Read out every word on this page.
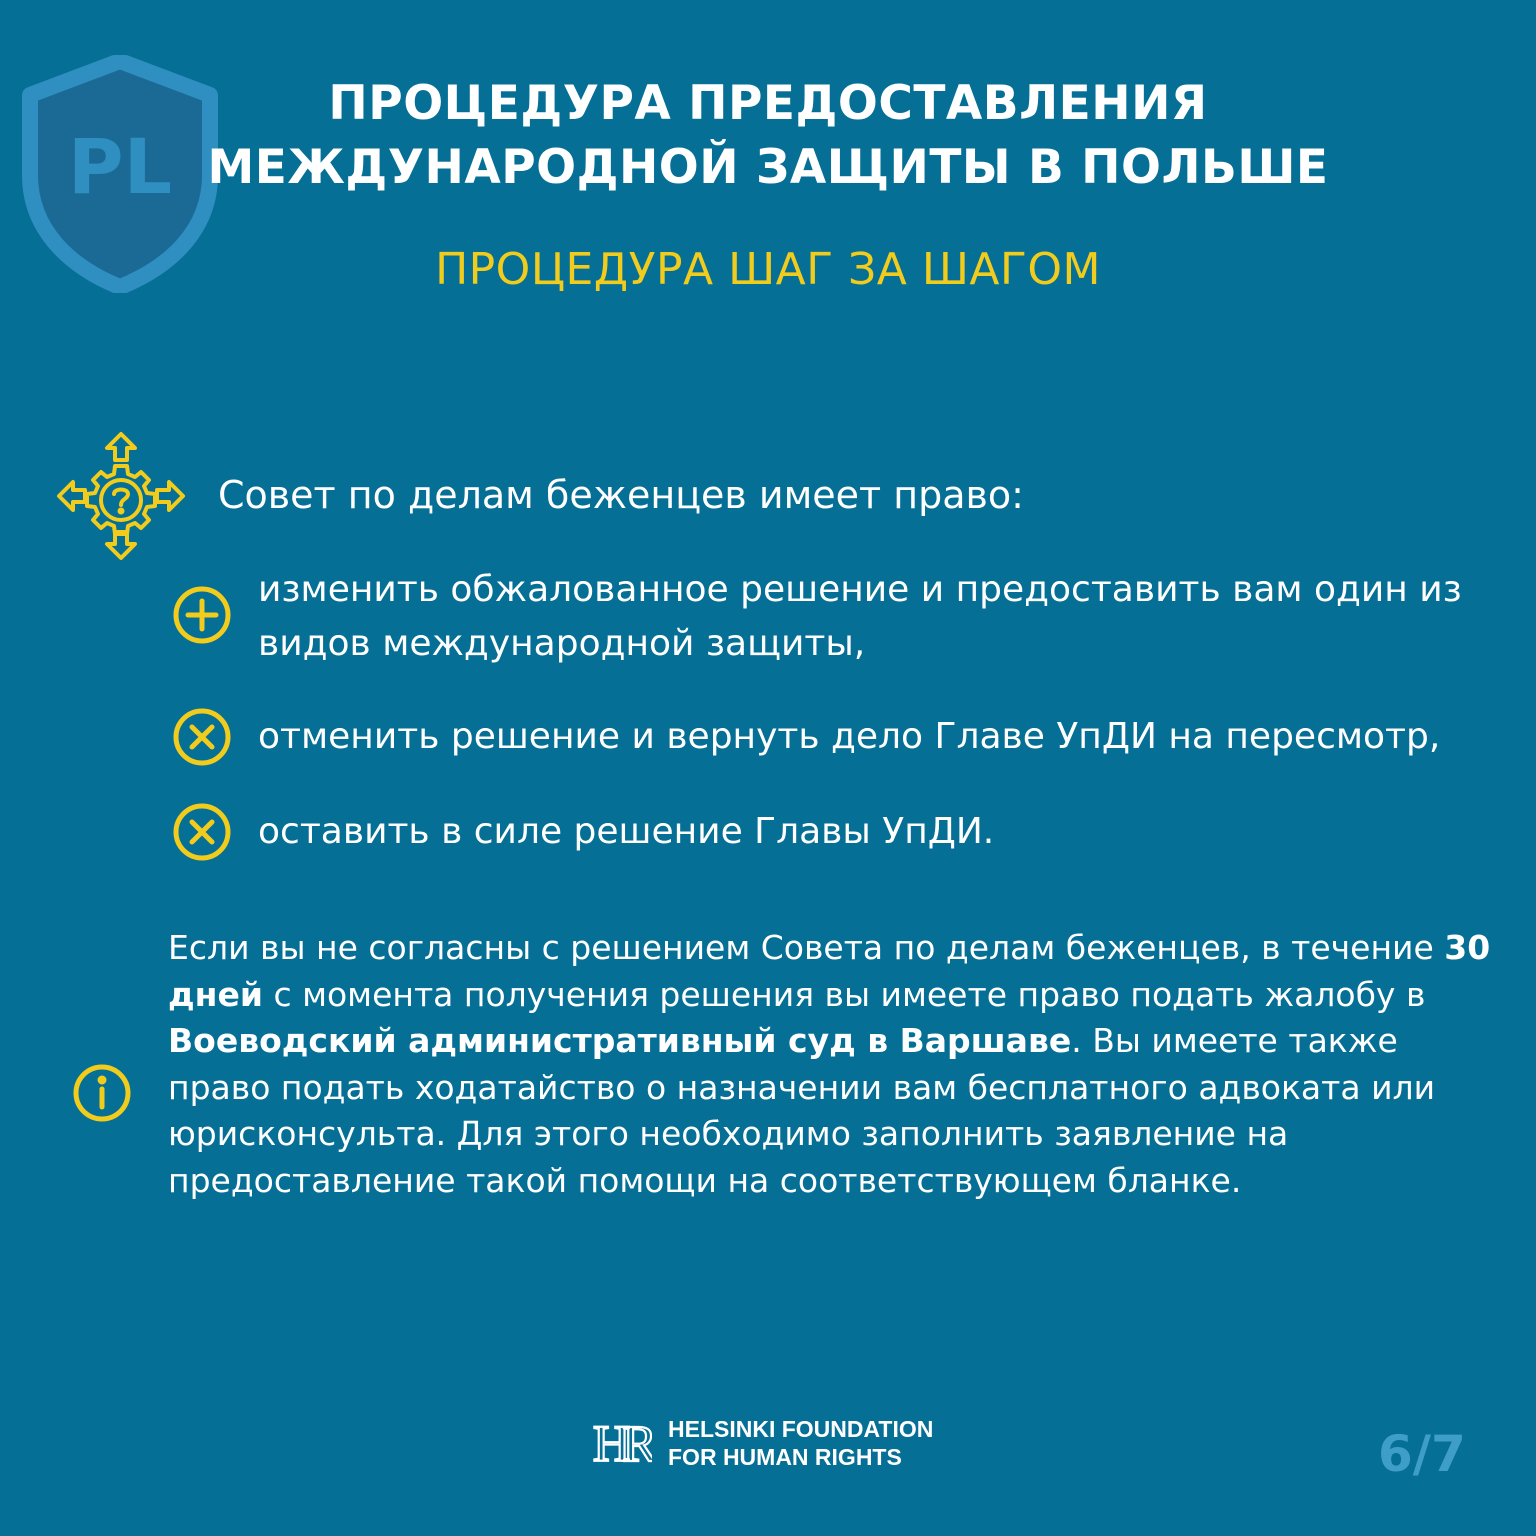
PL
ПРОЦЕДУРА ПРЕДОСТАВЛЕНИЯ
МЕЖДУНАРОДНОЙ ЗАЩИТЫ В ПОЛЬШЕ
ПРОЦЕДУРА ШАГ ЗА ШАГОМ
Совет по делам беженцев имеет право:
изменить обжалованное решение и предоставить вам один из видов международной защиты,
отменить решение и вернуть дело Главе УпДИ на пересмотр,
оставить в силе решение Главы УпДИ.
Если вы не согласны с решением Совета по делам беженцев, в течение 30 дней с момента получения решения вы имеете право подать жалобу в Воеводский административный суд в Варшаве. Вы имеете также право подать ходатайство о назначении вам бесплатного адвоката или юрисконсульта. Для этого необходимо заполнить заявление на предоставление такой помощи на соответствующем бланке.
HR HELSINKI FOUNDATION
FOR HUMAN RIGHTS	6/7
